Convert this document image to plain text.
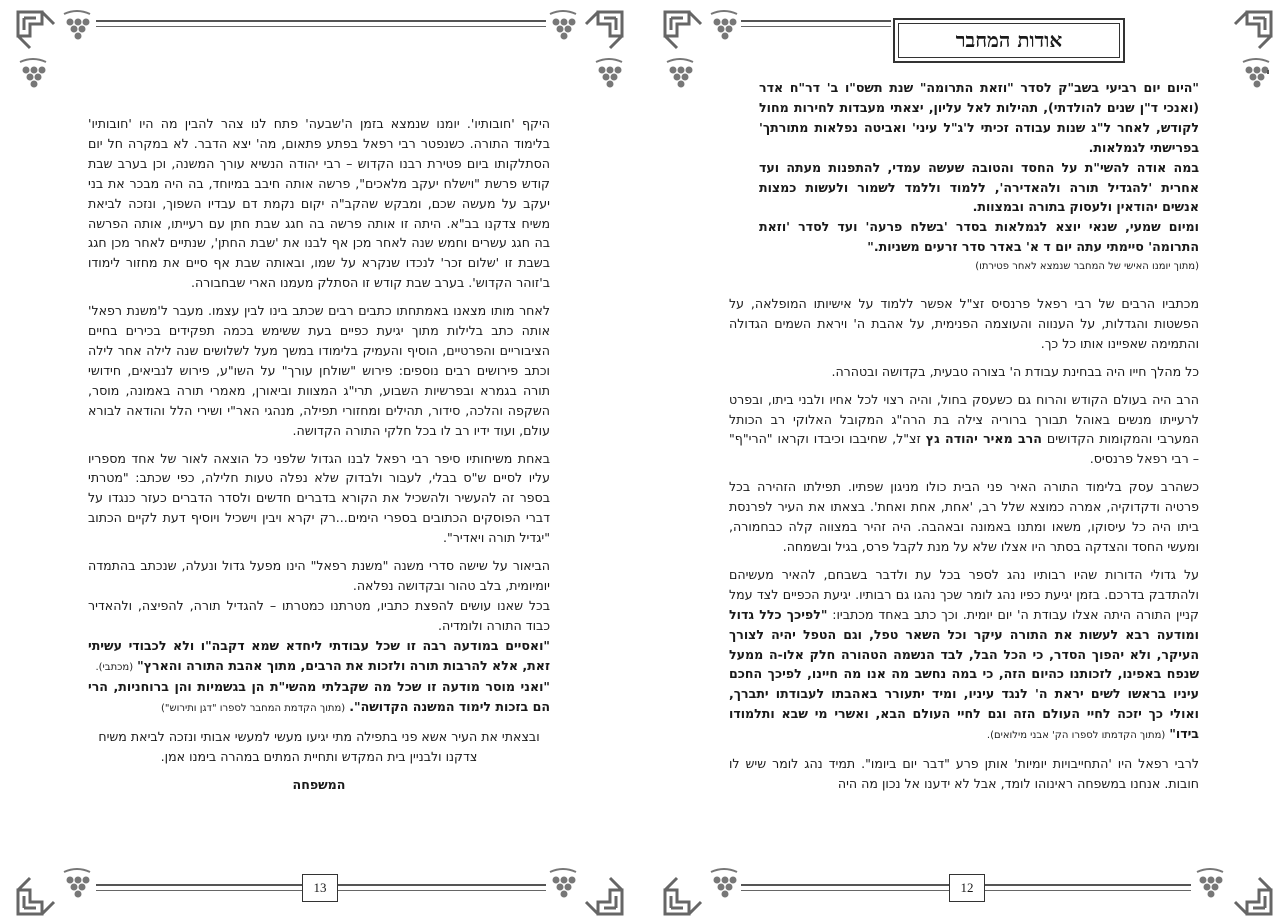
היקף 'חובותיו'. יומנו שנמצא בזמן ה'שבעה' פתח לנו צהר להבין מה היו 'חובותיו' בלימוד התורה. כשנפטר רבי רפאל בפתע פתאום, מה' יצא הדבר. לא במקרה חל יום הסתלקותו ביום פטירת רבנו הקדוש – רבי יהודה הנשיא עורך המשנה, וכן בערב שבת קודש פרשת "וישלח יעקב מלאכים", פרשה אותה חיבב במיוחד, בה היה מבכר את בני יעקב על מעשה שכם, ומבקש שהקב"ה יקום נקמת דם עבדיו השפוך, ונזכה לביאת משיח צדקנו בב"א. היתה זו אותה פרשה בה חגג שבת חתן עם רעייתו, אותה הפרשה בה חגג עשרים וחמש שנה לאחר מכן אף לבנו את 'שבת החתן', שנתיים לאחר מכן חגג בשבת זו 'שלום זכר' לנכדו שנקרא על שמו, ובאותה שבת אף סיים את מחזור לימודו ב'זוהר הקדוש'. בערב שבת קודש זו הסתלק מעמנו הארי שבחבורה.

לאחר מותו מצאנו באמתחתו כתבים רבים שכתב בינו לבין עצמו. מעבר ל'משנת רפאל' אותה כתב בלילות מתוך יגיעת כפיים בעת ששימש בכמה תפקידים בכירים בחיים הציבוריים והפרטיים, הוסיף והעמיק בלימודו במשך מעל לשלושים שנה לילה אחר לילה וכתב פירושים רבים נוספים: פירוש "שולחן עורך" על השו"ע, פירוש לנביאים, חידושי תורה בגמרא ובפרשיות השבוע, תרי"ג המצוות וביאורן, מאמרי תורה באמונה, מוסר, השקפה והלכה, סידור, תהילים ומחזורי תפילה, מנהגי האר"י ושירי הלל והודאה לבורא עולם, ועוד ידיו רב לו בכל חלקי התורה הקדושה.

באחת משיחותיו סיפר רבי רפאל לבנו הגדול שלפני כל הוצאה לאור של אחד מספריו עליו לסיים ש"ס בבלי, לעבור ולבדוק שלא נפלה טעות חלילה, כפי שכתב: "מטרתי בספר זה להעשיר ולהשכיל את הקורא בדברים חדשים ולסדר הדברים כעזר כנגדו על דברי הפוסקים הכתובים בספרי הימים...רק יקרא ויבין וישכיל ויוסיף דעת לקיים הכתוב "יגדיל תורה ויאדיר".

הביאור על שישה סדרי משנה "משנת רפאל" הינו מפעל גדול ונעלה, שנכתב בהתמדה יומיומית, בלב טהור ובקדושה נפלאה.

בכל שאנו עושים להפצת כתביו, מטרתנו כמטרתו – להגדיל תורה, להפיצה, ולהאדיר כבוד התורה ולומדיה.

"ואסיים במודעה רבה זו שכל עבודתי ליחדא שמא דקבה"ו ולא לכבודי עשיתי זאת, אלא להרבות תורה ולזכות את הרבים, מתוך אהבת התורה והארץ" (מכתבי).

"ואני מוסר מודעה זו שכל מה שקבלתי מהשי"ת הן בגשמיות והן ברוחניות, הרי הם בזכות לימוד המשנה הקדושה". (מתוך הקדמת המחבר לספרו "דגן ותירוש")

ובצאתי את העיר אשא פני בתפילה מתי יגיעו מעשי למעשי אבותי ונזכה לביאת משיח צדקנו ולבניין בית המקדש ותחיית המתים במהרה בימנו אמן.

המשפחה
13
אודות המחבר

"היום יום רביעי בשב"ק לסדר "וזאת התרומה" שנת תשס"ו ב' דר"ח אדר (ואנכי ד"ן שנים להולדתי), תהילות לאל עליון, יצאתי מעבדות לחירות מחול לקודש, לאחר ל"ג שנות עבודה זכיתי ל'ג"ל עיני' ואביטה נפלאות מתורתך' בפרישתי לגמלאות.

במה אודה להשי"ת על החסד והטובה שעשה עמדי, להתפנות מעתה ועד אחרית 'להגדיל תורה ולהאדירה', ללמוד וללמד לשמור ולעשות כמצות אנשים יהודאין ולעסוק בתורה ובמצוות.

ומיום שמעי, שנאי יוצא לגמלאות בסדר 'בשלח פרעה' ועד לסדר 'וזאת התרומה' סיימתי עתה יום ד א' באדר סדר זרעים משניות."

(מתוך יומנו האישי של המחבר שנמצא לאחר פטירתו)

מכתביו הרבים של רבי רפאל פרנסיס זצ"ל אפשר ללמוד על אישיותו המופלאה, על הפשטות והגדלות, על הענווה והעוצמה הפנימית, על אהבת ה' ויראת השמים הגדולה והתמימה שאפיינו אותו כל כך.

כל מהלך חייו היה בבחינת עבודת ה' בצורה טבעית, בקדושה ובטהרה.

הרב היה בעולם הקודש והרוח גם כשעסק בחול, והיה רצוי לכל אחיו ולבני ביתו, ובפרט לרעייתו מנשים באוהל תבורך ברוריה צילה בת הרה"ג המקובל האלוקי רב הכותל המערבי והמקומות הקדושים הרב מאיר יהודה גץ זצ"ל, שחיבבו וכיבדו וקראו "הרי"ף" – רבי רפאל פרנסיס.

כשהרב עסק בלימוד התורה האיר פני הבית כולו מניגון שפתיו. תפילתו הזהירה בכל פרטיה ודקדוקיה, אמרה כמוצא שלל רב, 'אחת, אחת ואחת'. בצאתו את העיר לפרנסת ביתו היה כל עיסוקו, משאו ומתנו באמונה ובאהבה. היה זהיר במצווה קלה כבחמורה, ומעשי החסד והצדקה בסתר היו אצלו שלא על מנת לקבל פרס, בגיל ובשמחה.

על גדולי הדורות שהיו רבותיו נהג לספר בכל עת ולדבר בשבחם, להאיר מעשיהם ולהתדבק בדרכם. בזמן יגיעת כפיו נהג לומר שכך נהגו גם רבותיו. יגיעת הכפיים לצד עמל קניין התורה היתה אצלו עבודת ה' יום יומית. וכך כתב באחד מכתביו: "לפיכך כלל גדול ומודעה רבא לעשות את התורה עיקר וכל השאר טפל, וגם הטפל יהיה לצורך העיקר, ולא יהפוך הסדר, כי הכל הבל, לבד הנשמה הטהורה חלק אלו-ה ממעל שנפח באפינו, לזכותנו כהיום הזה, כי במה נחשב מה אנו מה חיינו, לפיכך החכם עיניו בראשו לשים יראת ה' לנגד עיניו, ומיד יתעורר באהבתו לעבודתו יתברך, ואולי כך יזכה לחיי העולם הזה וגם לחיי העולם הבא, ואשרי מי שבא ותלמודו בידו" (מתוך הקדמתו לספרו הק' אבני מילואים).

לרבי רפאל היו 'התחייבויות יומיות' אותן פרע "דבר יום ביומו". תמיד נהג לומר שיש לו חובות. אנחנו במשפחה ראינוהו לומד, אבל לא ידענו אל נכון מה היה

12
